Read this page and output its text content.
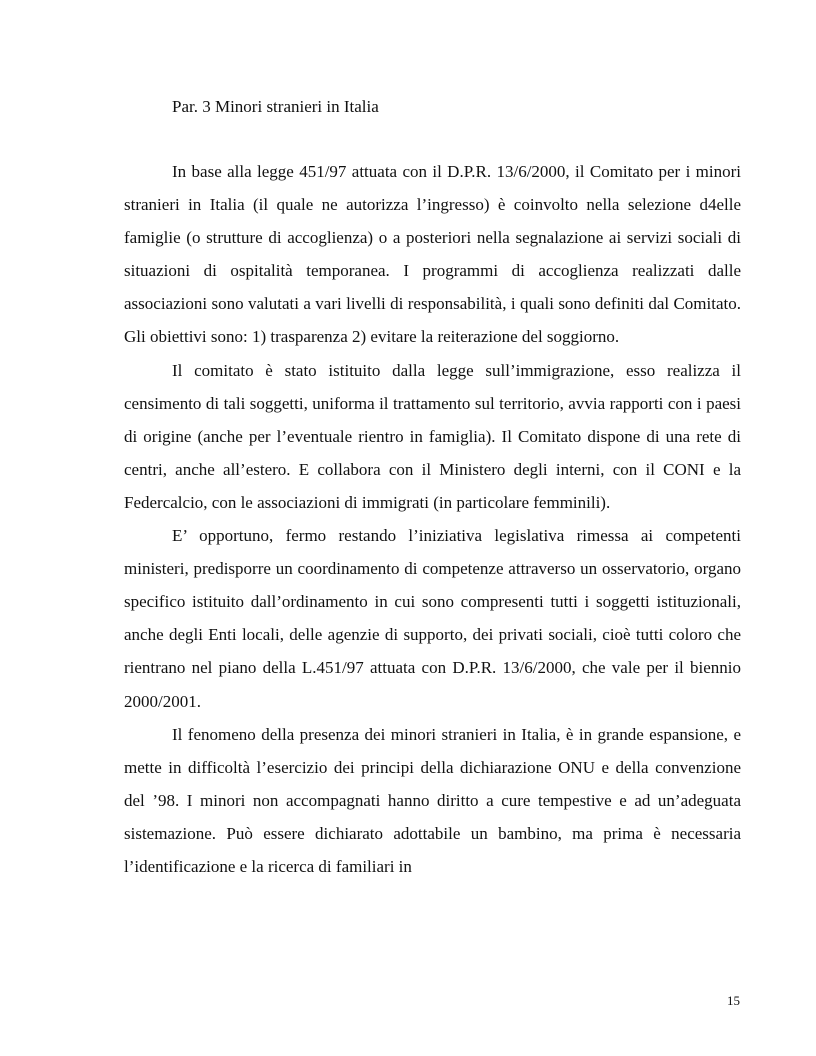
Par. 3 Minori stranieri in Italia

In base alla legge 451/97 attuata con il D.P.R. 13/6/2000, il Comitato per i minori stranieri in Italia (il quale ne autorizza l’ingresso) è coinvolto nella selezione d4elle famiglie (o strutture di accoglienza) o a posteriori nella segnalazione ai servizi sociali di situazioni di ospitalità temporanea. I programmi di accoglienza realizzati dalle associazioni sono valutati a vari livelli di responsabilità, i quali sono definiti dal Comitato. Gli obiettivi sono: 1) trasparenza 2) evitare la reiterazione del soggiorno.

Il comitato è stato istituito dalla legge sull’immigrazione, esso realizza il censimento di tali soggetti, uniforma il trattamento sul territorio, avvia rapporti con i paesi di origine (anche per l’eventuale rientro in famiglia). Il Comitato dispone di una rete di centri, anche all’estero. E collabora con il Ministero degli interni, con il CONI e la Federcalcio, con le associazioni di immigrati (in particolare femminili).

E’ opportuno, fermo restando l’iniziativa legislativa rimessa ai competenti ministeri, predisporre un coordinamento di competenze attraverso un osservatorio, organo specifico istituito dall’ordinamento in cui sono compresenti tutti i soggetti istituzionali, anche degli Enti locali, delle agenzie di supporto, dei privati sociali, cioè tutti coloro che rientrano nel piano della L.451/97 attuata con D.P.R. 13/6/2000, che vale per il biennio 2000/2001.

Il fenomeno della presenza dei minori stranieri in Italia, è in grande espansione, e mette in difficoltà l’esercizio dei principi della dichiarazione ONU e della convenzione del ’98. I minori non accompagnati hanno diritto a cure tempestive e ad un’adeguata sistemazione. Può essere dichiarato adottabile un bambino, ma prima è necessaria l’identificazione e la ricerca di familiari in

15
